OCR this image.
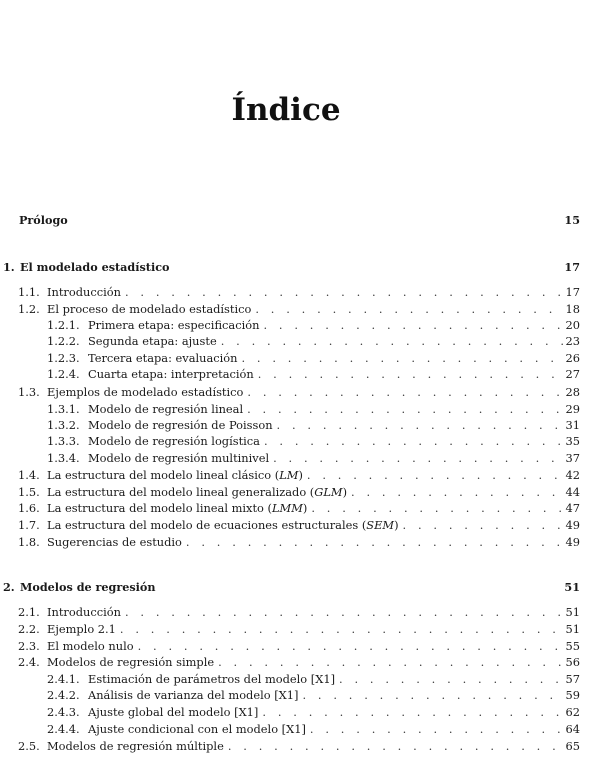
Índice
Prólogo	15
1. El modelado estadístico	17
1.1. Introducción . . .	17
1.2. El proceso de modelado estadístico . . .	18
1.2.1. Primera etapa: especificación . . .	20
1.2.2. Segunda etapa: ajuste . . .	23
1.2.3. Tercera etapa: evaluación . . .	26
1.2.4. Cuarta etapa: interpretación . . .	27
1.3. Ejemplos de modelado estadístico . . .	28
1.3.1. Modelo de regresión lineal . . .	29
1.3.2. Modelo de regresión de Poisson . . .	31
1.3.3. Modelo de regresión logística . . .	35
1.3.4. Modelo de regresión multinivel . . .	37
1.4. La estructura del modelo lineal clásico (LM) . . .	42
1.5. La estructura del modelo lineal generalizado (GLM) . . .	44
1.6. La estructura del modelo lineal mixto (LMM) . . .	47
1.7. La estructura del modelo de ecuaciones estructurales (SEM) . . .	49
1.8. Sugerencias de estudio . . .	49
2. Modelos de regresión	51
2.1. Introducción . . .	51
2.2. Ejemplo 2.1 . . .	51
2.3. El modelo nulo . . .	55
2.4. Modelos de regresión simple . . .	56
2.4.1. Estimación de parámetros del modelo [X1] . . .	57
2.4.2. Análisis de varianza del modelo [X1] . . .	59
2.4.3. Ajuste global del modelo [X1] . . .	62
2.4.4. Ajuste condicional con el modelo [X1] . . .	64
2.5. Modelos de regresión múltiple . . .	65
